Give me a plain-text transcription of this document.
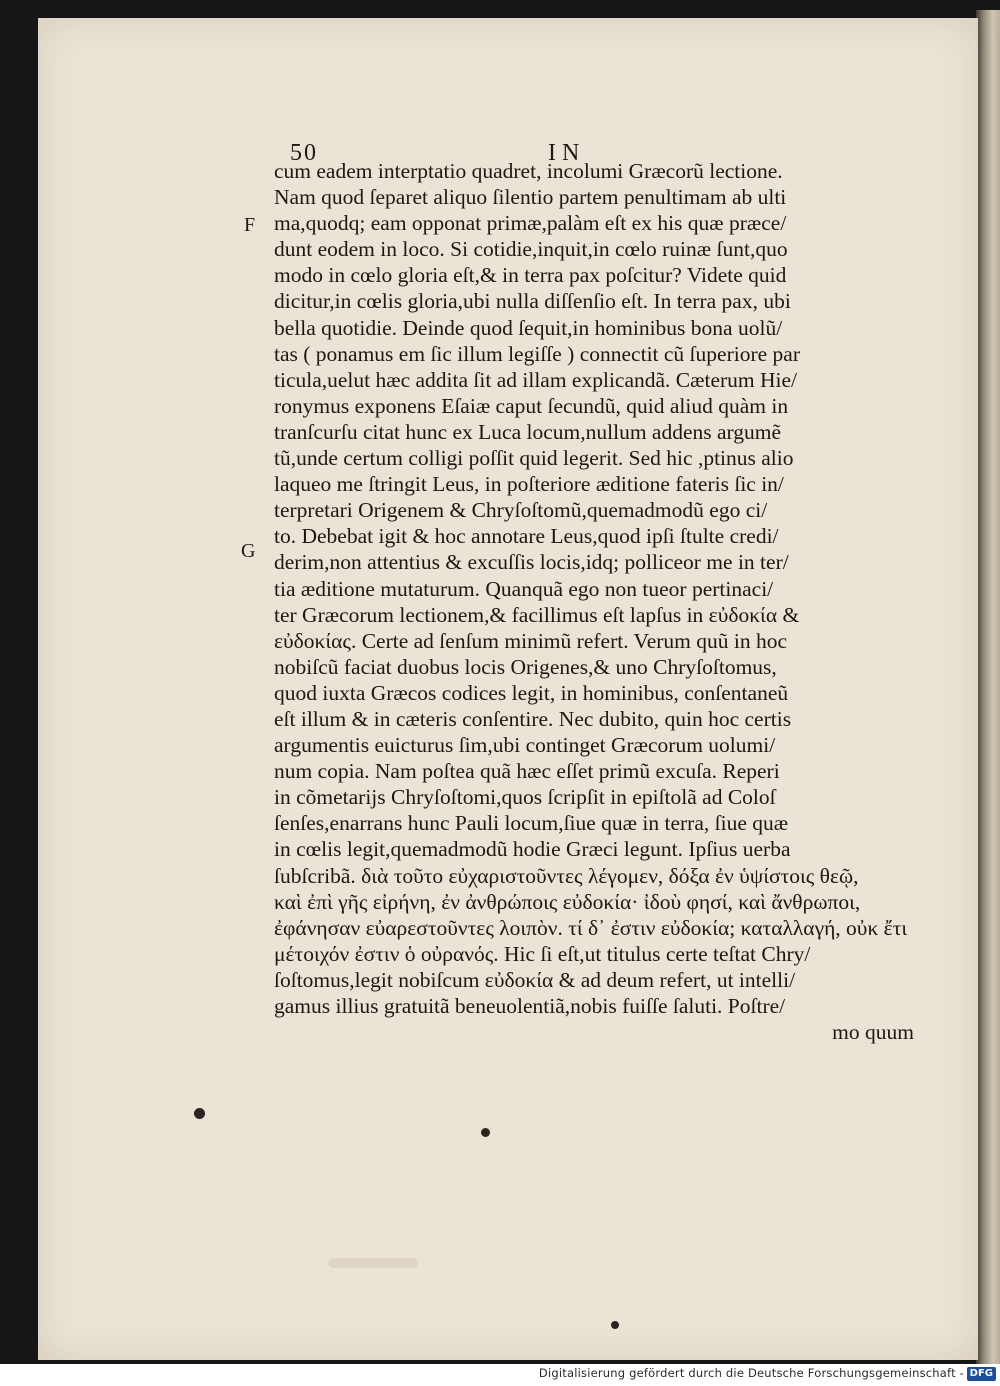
50	IN
F
G
cum eadem interptatio quadret, incolumi Græcorũ lectione.
Nam quod ſeparet aliquo ſilentio partem penultimam ab ulti
ma,quodq; eam opponat primæ,palàm eſt ex his quæ præce/
dunt eodem in loco. Si cotidie,inquit,in cœlo ruinæ ſunt,quo
modo in cœlo gloria eſt,& in terra pax poſcitur? Videte quid
dicitur,in cœlis gloria,ubi nulla diſſenſio eſt. In terra pax, ubi
bella quotidie. Deinde quod ſequit,in hominibus bona uolũ/
tas ( ponamus em ſic illum legiſſe ) connectit cũ ſuperiore par
ticula,uelut hæc addita ſit ad illam explicandã. Cæterum Hie/
ronymus exponens Eſaiæ caput ſecundũ, quid aliud quàm in
tranſcurſu citat hunc ex Luca locum,nullum addens argumẽ
tũ,unde certum colligi poſſit quid legerit. Sed hic ,ptinus alio
laqueo me ſtringit Leus, in poſteriore æditione fateris ſic in/
terpretari Origenem & Chryſoſtomũ,quemadmodũ ego ci/
to. Debebat igit & hoc annotare Leus,quod ipſi ſtulte credi/
derim,non attentius & excuſſis locis,idq; polliceor me in ter/
tia æditione mutaturum. Quanquã ego non tueor pertinaci/
ter Græcorum lectionem,& facillimus eſt lapſus in εὐδοκία &
εὐδοκίας. Certe ad ſenſum minimũ refert. Verum quũ in hoc
nobiſcũ faciat duobus locis Origenes,& uno Chryſoſtomus,
quod iuxta Græcos codices legit, in hominibus, conſentaneũ
eſt illum & in cæteris conſentire. Nec dubito, quin hoc certis
argumentis euicturus ſim,ubi continget Græcorum uolumi/
num copia. Nam poſtea quã hæc eſſet primũ excuſa. Reperi
in cõmetarijs Chryſoſtomi,quos ſcripſit in epiſtolã ad Coloſ
ſenſes,enarrans hunc Pauli locum,ſiue quæ in terra, ſiue quæ
in cœlis legit,quemadmodũ hodie Græci legunt. Ipſius uerba
ſubſcribã. διὰ τοῦτο εὐχαριστοῦντες λέγομεν, δόξα ἐν ὑψίστοις θεῷ,
καὶ ἐπὶ γῆς εἰρήνη, ἐν ἀνθρώποις εὐδοκία· ἰδοὺ φησί, καὶ ἄνθρωποι,
ἐφάνησαν εὐαρεστοῦντες λοιπὸν. τί δ᾽ ἐστιν εὐδοκία; καταλλαγή, οὐκ ἔτι
μέτοιχόν ἐστιν ὁ οὐρανός. Hic ſi eſt,ut titulus certe teſtat Chry/
ſoſtomus,legit nobiſcum εὐδοκία & ad deum refert, ut intelli/
gamus illius gratuitã beneuolentiã,nobis fuiſſe ſaluti. Poſtre/
mo quum
Digitalisierung gefördert durch die Deutsche Forschungsgemeinschaft - DFG
